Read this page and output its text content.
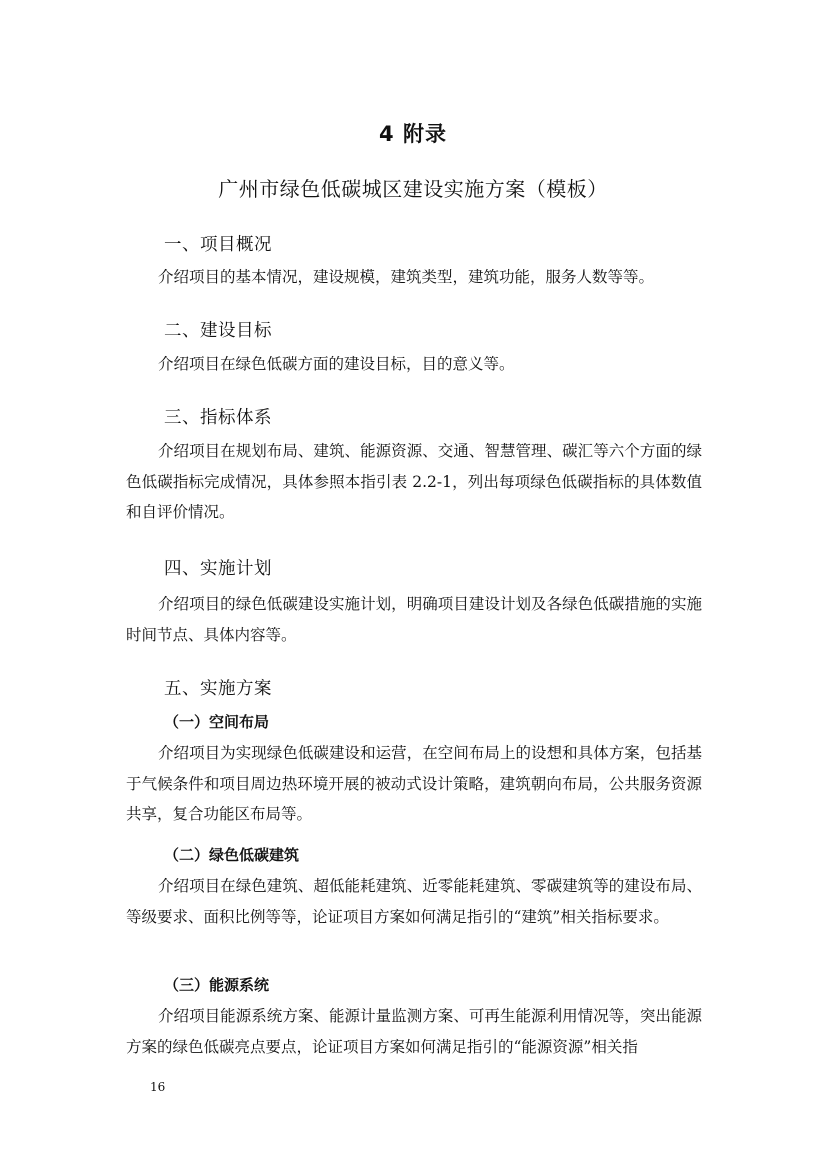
4 附录
广州市绿色低碳城区建设实施方案（模板）
一、项目概况

介绍项目的基本情况，建设规模，建筑类型，建筑功能，服务人数等等。

二、建设目标

介绍项目在绿色低碳方面的建设目标，目的意义等。

三、指标体系

介绍项目在规划布局、建筑、能源资源、交通、智慧管理、碳汇等六个方面的绿色低碳指标完成情况，具体参照本指引表 2.2-1，列出每项绿色低碳指标的具体数值和自评价情况。

四、实施计划

介绍项目的绿色低碳建设实施计划，明确项目建设计划及各绿色低碳措施的实施时间节点、具体内容等。

五、实施方案
（一）空间布局

介绍项目为实现绿色低碳建设和运营，在空间布局上的设想和具体方案，包括基于气候条件和项目周边热环境开展的被动式设计策略，建筑朝向布局，公共服务资源共享，复合功能区布局等。

（二）绿色低碳建筑

介绍项目在绿色建筑、超低能耗建筑、近零能耗建筑、零碳建筑等的建设布局、等级要求、面积比例等等，论证项目方案如何满足指引的“建筑”相关指标要求。

（三）能源系统

介绍项目能源系统方案、能源计量监测方案、可再生能源利用情况等，突出能源方案的绿色低碳亮点要点，论证项目方案如何满足指引的“能源资源”相关指

16
